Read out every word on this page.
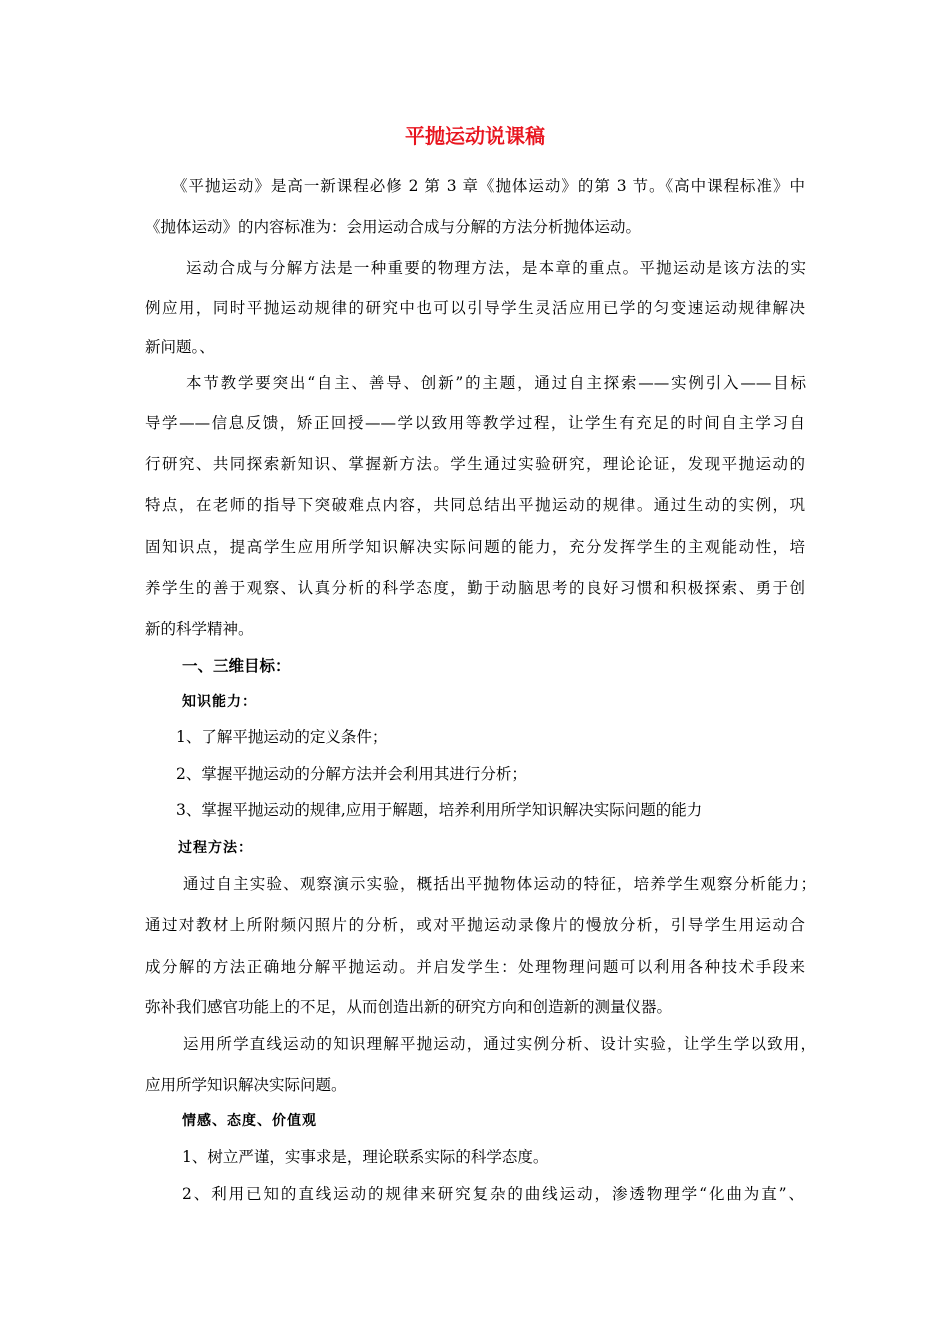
平抛运动说课稿

《平抛运动》是高一新课程必修 2 第 3 章《抛体运动》的第 3 节。《高中课程标准》中

《抛体运动》的内容标准为：会用运动合成与分解的方法分析抛体运动。

运动合成与分解方法是一种重要的物理方法，是本章的重点。平抛运动是该方法的实

例应用，同时平抛运动规律的研究中也可以引导学生灵活应用已学的匀变速运动规律解决

新问题。、

本节教学要突出“自主、善导、创新”的主题，通过自主探索——实例引入——目标

导学——信息反馈，矫正回授——学以致用等教学过程，让学生有充足的时间自主学习自

行研究、共同探索新知识、掌握新方法。学生通过实验研究，理论论证，发现平抛运动的

特点，在老师的指导下突破难点内容，共同总结出平抛运动的规律。通过生动的实例，巩

固知识点，提高学生应用所学知识解决实际问题的能力，充分发挥学生的主观能动性，培

养学生的善于观察、认真分析的科学态度，勤于动脑思考的良好习惯和积极探索、勇于创

新的科学精神。

一、三维目标：

知识能力：

1、了解平抛运动的定义条件；

2、掌握平抛运动的分解方法并会利用其进行分析；

3、掌握平抛运动的规律,应用于解题，培养利用所学知识解决实际问题的能力

过程方法：

通过自主实验、观察演示实验，概括出平抛物体运动的特征，培养学生观察分析能力；

通过对教材上所附频闪照片的分析，或对平抛运动录像片的慢放分析，引导学生用运动合

成分解的方法正确地分解平抛运动。并启发学生：处理物理问题可以利用各种技术手段来

弥补我们感官功能上的不足，从而创造出新的研究方向和创造新的测量仪器。

运用所学直线运动的知识理解平抛运动，通过实例分析、设计实验，让学生学以致用，

应用所学知识解决实际问题。

情感、态度、价值观

1、树立严谨，实事求是，理论联系实际的科学态度。

2、利用已知的直线运动的规律来研究复杂的曲线运动，渗透物理学“化曲为直”、
